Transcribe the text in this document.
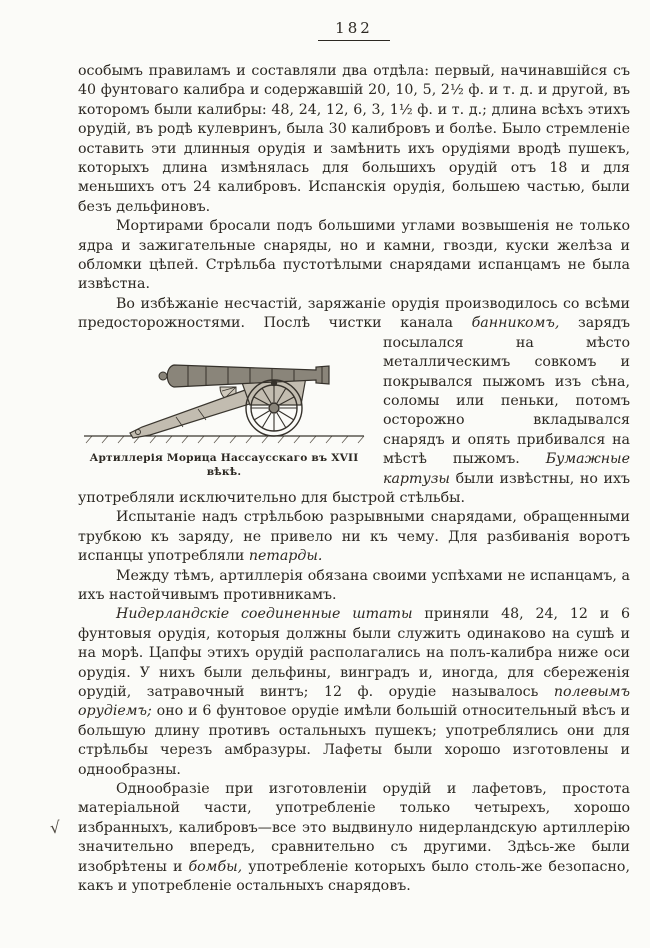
182
особымъ правиламъ и составляли два отдѣла: первый, начинавшійся съ 40 фунтоваго калибра и содержавшій 20, 10, 5, 2½ ф. и т. д. и другой, въ которомъ были калибры: 48, 24, 12, 6, 3, 1½ ф. и т. д.; длина всѣхъ этихъ орудій, въ родѣ кулевринъ, была 30 калибровъ и болѣе. Было стремленіе оставить эти длинныя орудія и замѣнить ихъ орудіями вродѣ пушекъ, которыхъ длина измѣнялась для большихъ орудій отъ 18 и для меньшихъ отъ 24 калибровъ. Испанскія орудія, большею частью, были безъ дельфиновъ.
Мортирами бросали подъ большими углами возвышенія не только ядра и зажигательные снаряды, но и камни, гвозди, куски желѣза и обломки цѣпей. Стрѣльба пустотѣлыми снарядами испанцамъ не была извѣстна.
Во избѣжаніе несчастій, заряжаніе орудія производилось со всѣми предосторожностями. Послѣ чистки канала банникомъ, зарядъ посылался
Артиллерія Морица Нассаусскаго въ XVII вѣкѣ.
на мѣсто металлическимъ совкомъ и покрывался пыжомъ изъ сѣна, соломы или пеньки, потомъ осторожно вкладывался снарядъ и опять прибивался на мѣстѣ пыжомъ. Бумажные картузы были извѣстны, но ихъ употребляли исключительно для быстрой стѣльбы.
Испытаніе надъ стрѣльбою разрывными снарядами, обращенными трубкою къ заряду, не привело ни къ чему. Для разбиванія воротъ испанцы употребляли петарды.
Между тѣмъ, артиллерія обязана своими успѣхами не испанцамъ, а ихъ настойчивымъ противникамъ.
Нидерландскіе соединенные штаты приняли 48, 24, 12 и 6 фунтовыя орудія, которыя должны были служить одинаково на сушѣ и на морѣ. Цапфы этихъ орудій располагались на полъ-калибра ниже оси орудія. У нихъ были дельфины, винградъ и, иногда, для сбереженія орудій, затравочный винтъ; 12 ф. орудіе называлось полевымъ орудіемъ; оно и 6 фунтовое орудіе имѣли большій относительный вѣсъ и большую длину противъ остальныхъ пушекъ; употреблялись они для стрѣльбы черезъ амбразуры. Лафеты были хорошо изготовлены и однообразны.
Однообразіе при изготовленіи орудій и лафетовъ, простота матеріальной части, употребленіе только четырехъ, хорошо избранныхъ, калибровъ—все это выдвинуло нидерландскую артиллерію значительно впередъ, сравнительно съ другими. Здѣсь-же были изобрѣтены и бомбы, употребленіе которыхъ было столь-же безопасно, какъ и употребленіе остальныхъ снарядовъ.
√
